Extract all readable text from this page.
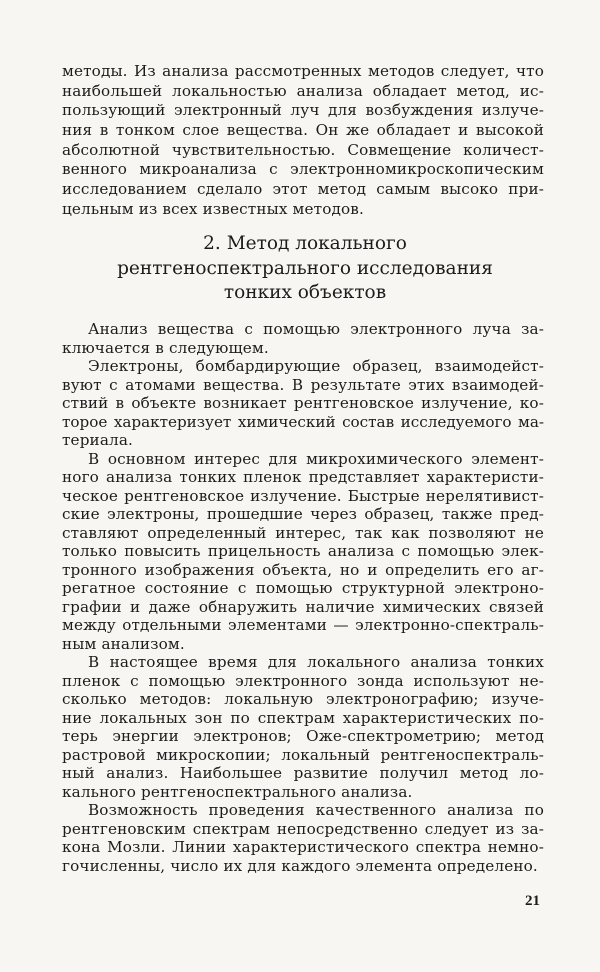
методы. Из анализа рассмотренных методов следует, что
наибольшей локальностью анализа обладает метод, ис-
пользующий электронный луч для возбуждения излуче-
ния в тонком слое вещества. Он же обладает и высокой
абсолютной чувствительностью. Совмещение количест-
венного микроанализа с электронномикроскопическим
исследованием сделало этот метод самым высоко при-
цельным из всех известных методов.
2. Метод локального
рентгеноспектрального исследования
тонких объектов
Анализ вещества с помощью электронного луча за-
ключается в следующем.
Электроны, бомбардирующие образец, взаимодейст-
вуют с атомами вещества. В результате этих взаимодей-
ствий в объекте возникает рентгеновское излучение, ко-
торое характеризует химический состав исследуемого ма-
териала.
В основном интерес для микрохимического элемент-
ного анализа тонких пленок представляет характеристи-
ческое рентгеновское излучение. Быстрые нерелятивист-
ские электроны, прошедшие через образец, также пред-
ставляют определенный интерес, так как позволяют не
только повысить прицельность анализа с помощью элек-
тронного изображения объекта, но и определить его аг-
регатное состояние с помощью структурной электроно-
графии и даже обнаружить наличие химических связей
между отдельными элементами — электронно-спектраль-
ным анализом.
В настоящее время для локального анализа тонких
пленок с помощью электронного зонда используют не-
сколько методов: локальную электронографию; изуче-
ние локальных зон по спектрам характеристических по-
терь энергии электронов; Оже-спектрометрию; метод
растровой микроскопии; локальный рентгеноспектраль-
ный анализ. Наибольшее развитие получил метод ло-
кального рентгеноспектрального анализа.
Возможность проведения качественного анализа по
рентгеновским спектрам непосредственно следует из за-
кона Мозли. Линии характеристического спектра немно-
гочисленны, число их для каждого элемента определено.
21
